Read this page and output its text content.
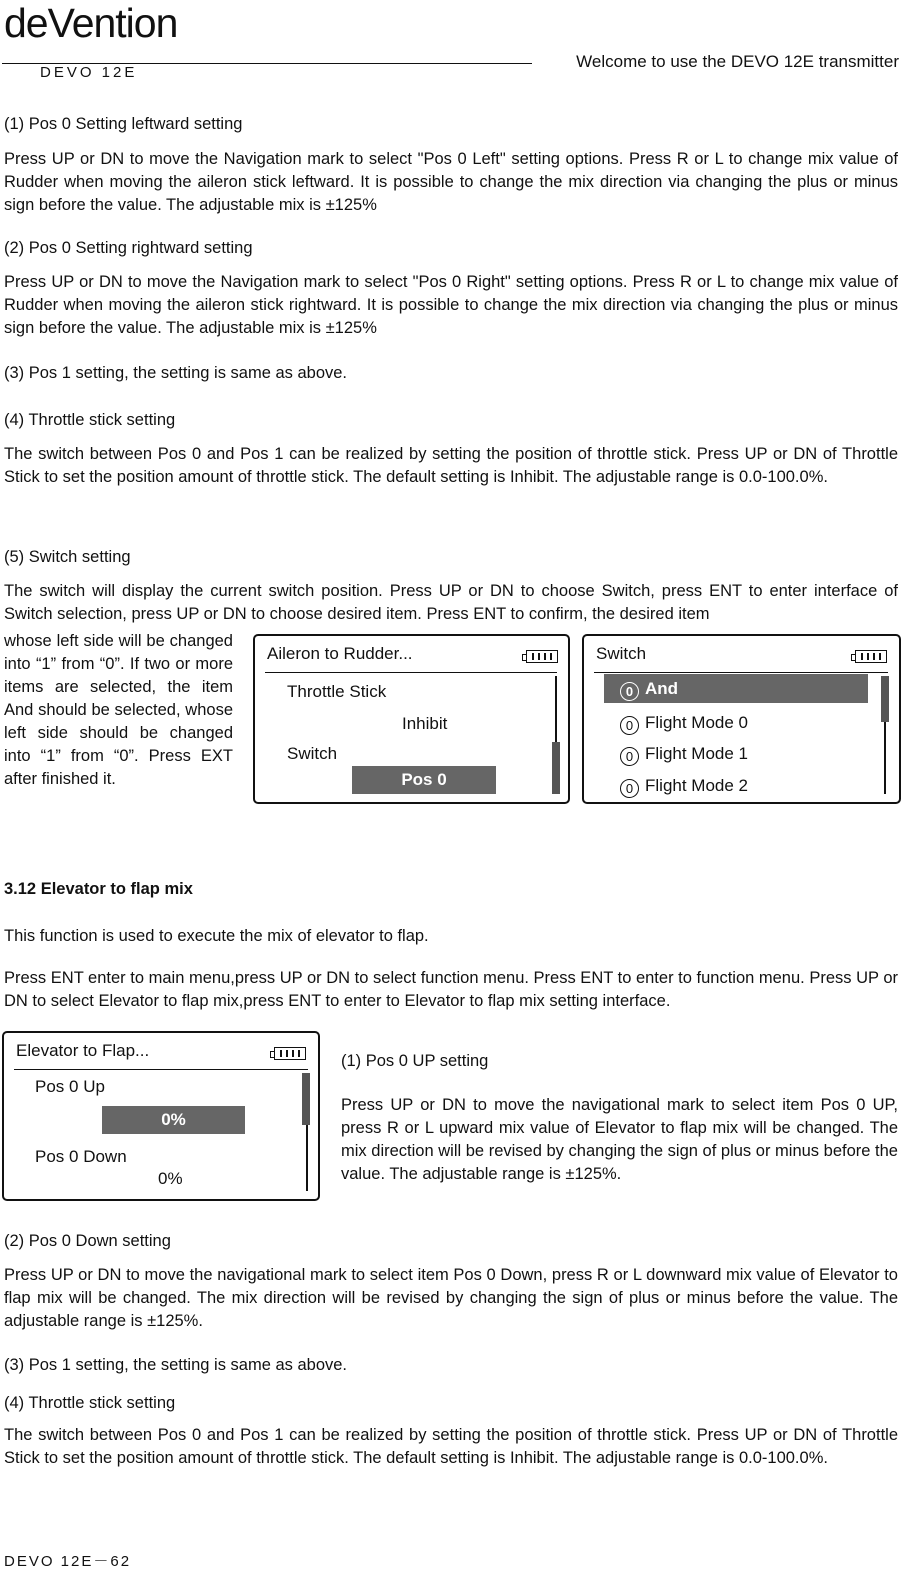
deVention
DEVO 12E
Welcome to use the DEVO 12E transmitter
(1) Pos 0 Setting leftward setting
Press UP or DN to move the Navigation mark to select "Pos 0 Left" setting options. Press R or L to change mix value of Rudder when moving the aileron stick leftward. It is possible to change the mix direction via changing the plus or minus sign before the value. The adjustable mix is ±125%
(2) Pos 0 Setting rightward setting
Press UP or DN to move the Navigation mark to select "Pos 0 Right" setting options. Press R or L to change mix value of Rudder when moving the aileron stick rightward. It is possible to change the mix direction via changing the plus or minus sign before the value. The adjustable mix is ±125%
(3) Pos 1 setting, the setting is same as above.
(4) Throttle stick setting
The switch between Pos 0 and Pos 1 can be realized by setting the position of throttle stick. Press UP or DN of Throttle Stick to set the position amount of throttle stick. The default setting is Inhibit. The adjustable range is 0.0-100.0%.
(5) Switch setting
The switch will display the current switch position. Press UP or DN to choose Switch, press ENT to enter interface of Switch selection, press UP or DN to choose desired item. Press ENT to confirm, the desired item
whose left side will be changed into “1” from “0”. If two or more items are selected, the item And should be selected, whose left side should be changed into “1” from “0”. Press EXT after finished it.
Aileron to Rudder...
Throttle Stick
Inhibit
Switch
Pos 0
Switch
0 And
0 Flight Mode 0
0 Flight Mode 1
0 Flight Mode 2
3.12 Elevator to flap mix
This function is used to execute the mix of elevator to flap.
Press ENT enter to main menu,press UP or DN to select function menu. Press ENT to enter to function menu. Press UP or DN to select Elevator to flap mix,press ENT to enter to Elevator to flap mix setting interface.
Elevator to Flap...
Pos 0 Up
0%
Pos 0 Down
0%
(1) Pos 0 UP setting
Press UP or DN to move the navigational mark to select item Pos 0 UP, press R or L upward mix value of Elevator to flap mix will be changed. The mix direction will be revised by changing the sign of plus or minus before the value. The adjustable range is ±125%.
(2) Pos 0 Down setting
Press UP or DN to move the navigational mark to select item Pos 0 Down, press R or L downward mix value of Elevator to flap mix will be changed. The mix direction will be revised by changing the sign of plus or minus before the value. The adjustable range is ±125%.
(3) Pos 1 setting, the setting is same as above.
(4) Throttle stick setting
The switch between Pos 0 and Pos 1 can be realized by setting the position of throttle stick. Press UP or DN of Throttle Stick to set the position amount of throttle stick. The default setting is Inhibit. The adjustable range is 0.0-100.0%.
DEVO 12E－62
